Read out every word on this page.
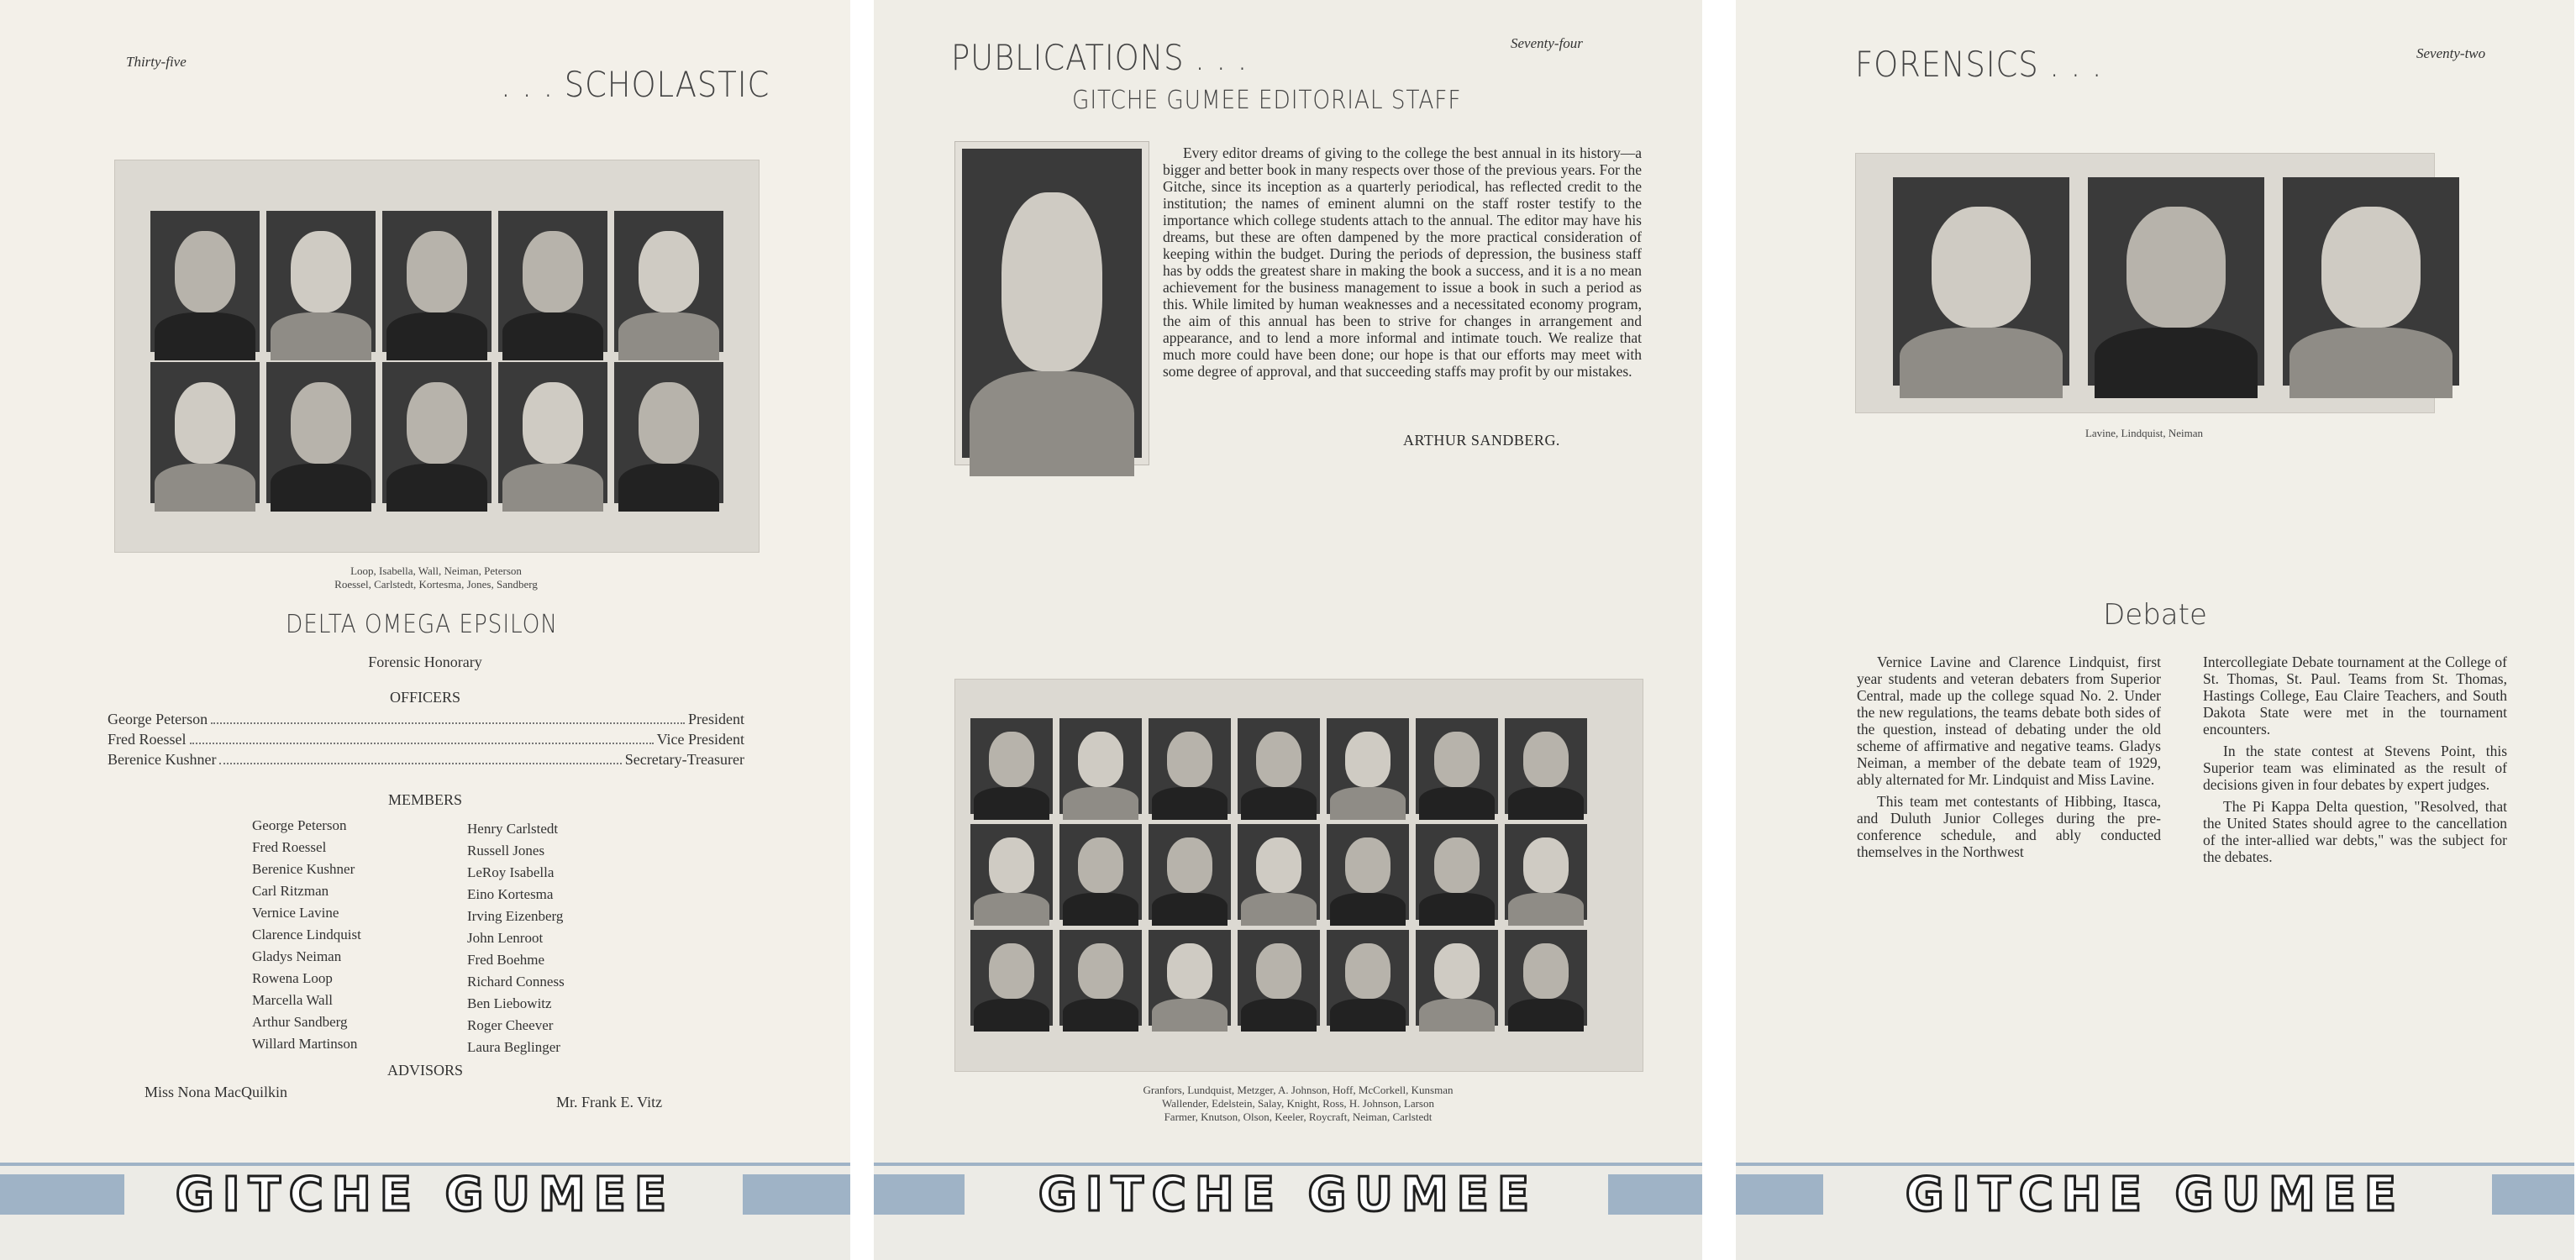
Thirty-five
. . . SCHOLASTIC
Loop, Isabella, Wall, Neiman, Peterson
Roessel, Carlstedt, Kortesma, Jones, Sandberg
DELTA OMEGA EPSILON
Forensic Honorary
OFFICERS
George Peterson	President
Fred Roessel	Vice President
Berenice Kushner	Secretary-Treasurer
MEMBERS
George Peterson
Fred Roessel
Berenice Kushner
Carl Ritzman
Vernice Lavine
Clarence Lindquist
Gladys Neiman
Rowena Loop
Marcella Wall
Arthur Sandberg
Willard Martinson
Henry Carlstedt
Russell Jones
LeRoy Isabella
Eino Kortesma
Irving Eizenberg
John Lenroot
Fred Boehme
Richard Conness
Ben Liebowitz
Roger Cheever
Laura Beglinger
ADVISORS
Miss Nona MacQuilkin
Mr. Frank E. Vitz
GITCHE GUMEE
PUBLICATIONS . . .	Seventy-four
GITCHE GUMEE EDITORIAL STAFF

Every editor dreams of giving to the college the best annual in its history—a bigger and better book in many respects over those of the previous years. For the Gitche, since its inception as a quarterly periodical, has reflected credit to the institution; the names of eminent alumni on the staff roster testify to the importance which college students attach to the annual. The editor may have his dreams, but these are often dampened by the more practical consideration of keeping within the budget. During the periods of depression, the business staff has by odds the greatest share in making the book a success, and it is a no mean achievement for the business management to issue a book in such a period as this. While limited by human weaknesses and a necessitated economy program, the aim of this annual has been to strive for changes in arrangement and appearance, and to lend a more informal and intimate touch. We realize that much more could have been done; our hope is that our efforts may meet with some degree of approval, and that succeeding staffs may profit by our mistakes.

ARTHUR SANDBERG.
Granfors, Lundquist, Metzger, A. Johnson, Hoff, McCorkell, Kunsman
Wallender, Edelstein, Salay, Knight, Ross, H. Johnson, Larson
Farmer, Knutson, Olson, Keeler, Roycraft, Neiman, Carlstedt
GITCHE GUMEE
FORENSICS . . .	Seventy-two
Lavine, Lindquist, Neiman
Debate

Vernice Lavine and Clarence Lindquist, first year students and veteran debaters from Superior Central, made up the college squad No. 2. Under the new regulations, the teams debate both sides of the question, instead of debating under the old scheme of affirmative and negative teams. Gladys Neiman, a member of the debate team of 1929, ably alternated for Mr. Lindquist and Miss Lavine.

This team met contestants of Hibbing, Itasca, and Duluth Junior Colleges during the pre-conference schedule, and ably conducted themselves in the Northwest

Intercollegiate Debate tournament at the College of St. Thomas, St. Paul. Teams from St. Thomas, Hastings College, Eau Claire Teachers, and South Dakota State were met in the tournament encounters.

In the state contest at Stevens Point, this Superior team was eliminated as the result of decisions given in four debates by expert judges.

The Pi Kappa Delta question, "Resolved, that the United States should agree to the cancellation of the inter-allied war debts," was the subject for the debates.

GITCHE GUMEE
